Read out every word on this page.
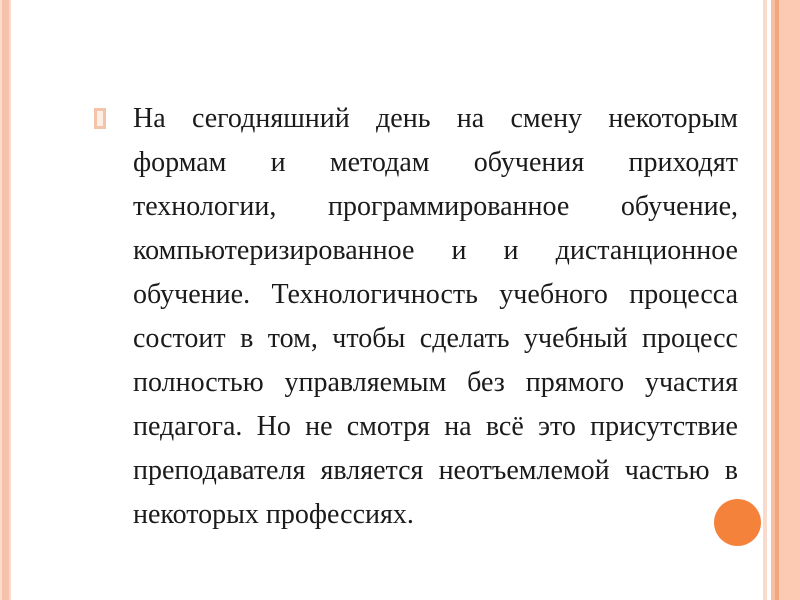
На сегодняшний день на смену некоторым формам и методам обучения приходят технологии, программированное обучение, компьютеризированное и и дистанционное обучение. Технологичность учебного процесса состоит в том, чтобы сделать учебный процесс полностью управляемым без прямого участия педагога. Но не смотря на всё это присутствие преподавателя является неотъемлемой частью в некоторых профессиях.
